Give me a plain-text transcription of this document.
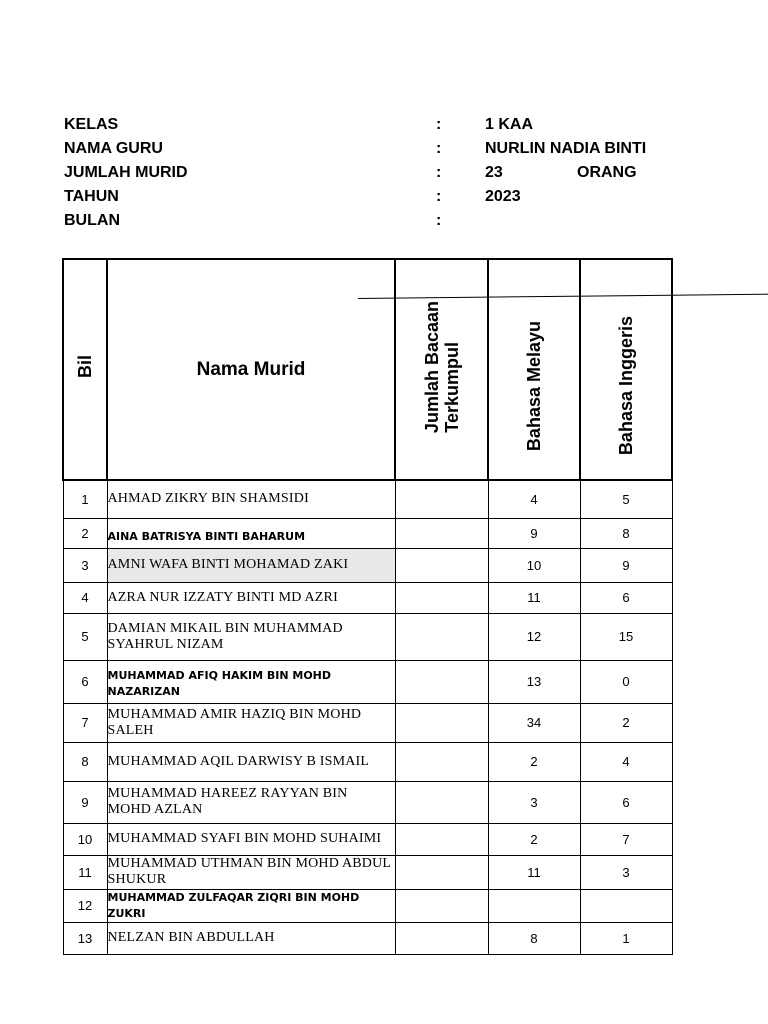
KELAS	:	1 KAA
NAMA GURU	:	NURLIN NADIA BINTI
JUMLAH MURID	:	23	ORANG
TAHUN	:	2023
BULAN	:
Bil	Nama Murid	Jumlah BacaanTerkumpul	Bahasa Melayu	Bahasa Inggeris
1	AHMAD ZIKRY BIN SHAMSIDI		4	5
2	AINA BATRISYA BINTI BAHARUM		9	8
3	AMNI WAFA BINTI MOHAMAD ZAKI		10	9
4	AZRA NUR IZZATY BINTI MD AZRI		11	6
5	DAMIAN MIKAIL BIN MUHAMMAD SYAHRUL NIZAM		12	15
6	MUHAMMAD AFIQ HAKIM BIN MOHD NAZARIZAN		13	0
7	MUHAMMAD AMIR HAZIQ BIN MOHD SALEH		34	2
8	MUHAMMAD AQIL DARWISY B ISMAIL		2	4
9	MUHAMMAD HAREEZ RAYYAN BIN MOHD AZLAN		3	6
10	MUHAMMAD SYAFI BIN MOHD SUHAIMI		2	7
11	MUHAMMAD UTHMAN BIN MOHD ABDUL SHUKUR		11	3
12	MUHAMMAD ZULFAQAR ZIQRI BIN MOHD ZUKRI			
13	NELZAN BIN ABDULLAH		8	1
